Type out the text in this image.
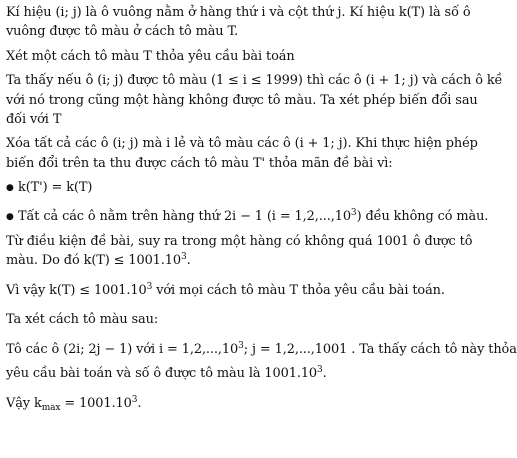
Kí hiệu (i; j) là ô vuông nằm ở hàng thứ i và cột thứ j. Kí hiệu k(T) là số ô
vuông được tô màu ở cách tô màu T.
Xét một cách tô màu T thỏa yêu cầu bài toán
Ta thấy nếu ô (i; j) được tô màu (1 ≤ i ≤ 1999) thì các ô (i + 1; j) và cách ô kề
với nó trong cũng một hàng không được tô màu. Ta xét phép biến đổi sau
đối với T
Xóa tất cả các ô (i; j) mà i lẻ và tô màu các ô (i + 1; j). Khi thực hiện phép
biến đổi trên ta thu được cách tô màu T' thỏa mãn đề bài vì:
● k(T') = k(T)
● Tất cả các ô nằm trên hàng thứ 2i − 1 $(i = 1,2,...,10^3)$ đều không có màu.
Từ điều kiện đề bài, suy ra trong một hàng có không quá 1001 ô được tô
màu. Do đó $k(T) \le 1001.10^3$.
Vì vậy $k(T) \le 1001.10^3$ với mọi cách tô màu T thỏa yêu cầu bài toán.
Ta xét cách tô màu sau:
Tô các ô (2i; 2j − 1) với $i = 1,2,...,10^3$; j = 1,2,...,1001 . Ta thấy cách tô này thỏa
yêu cầu bài toán và số ô được tô màu là 1001.10$^3$.
Vậy $k_{max} = 1001.10^3$.
